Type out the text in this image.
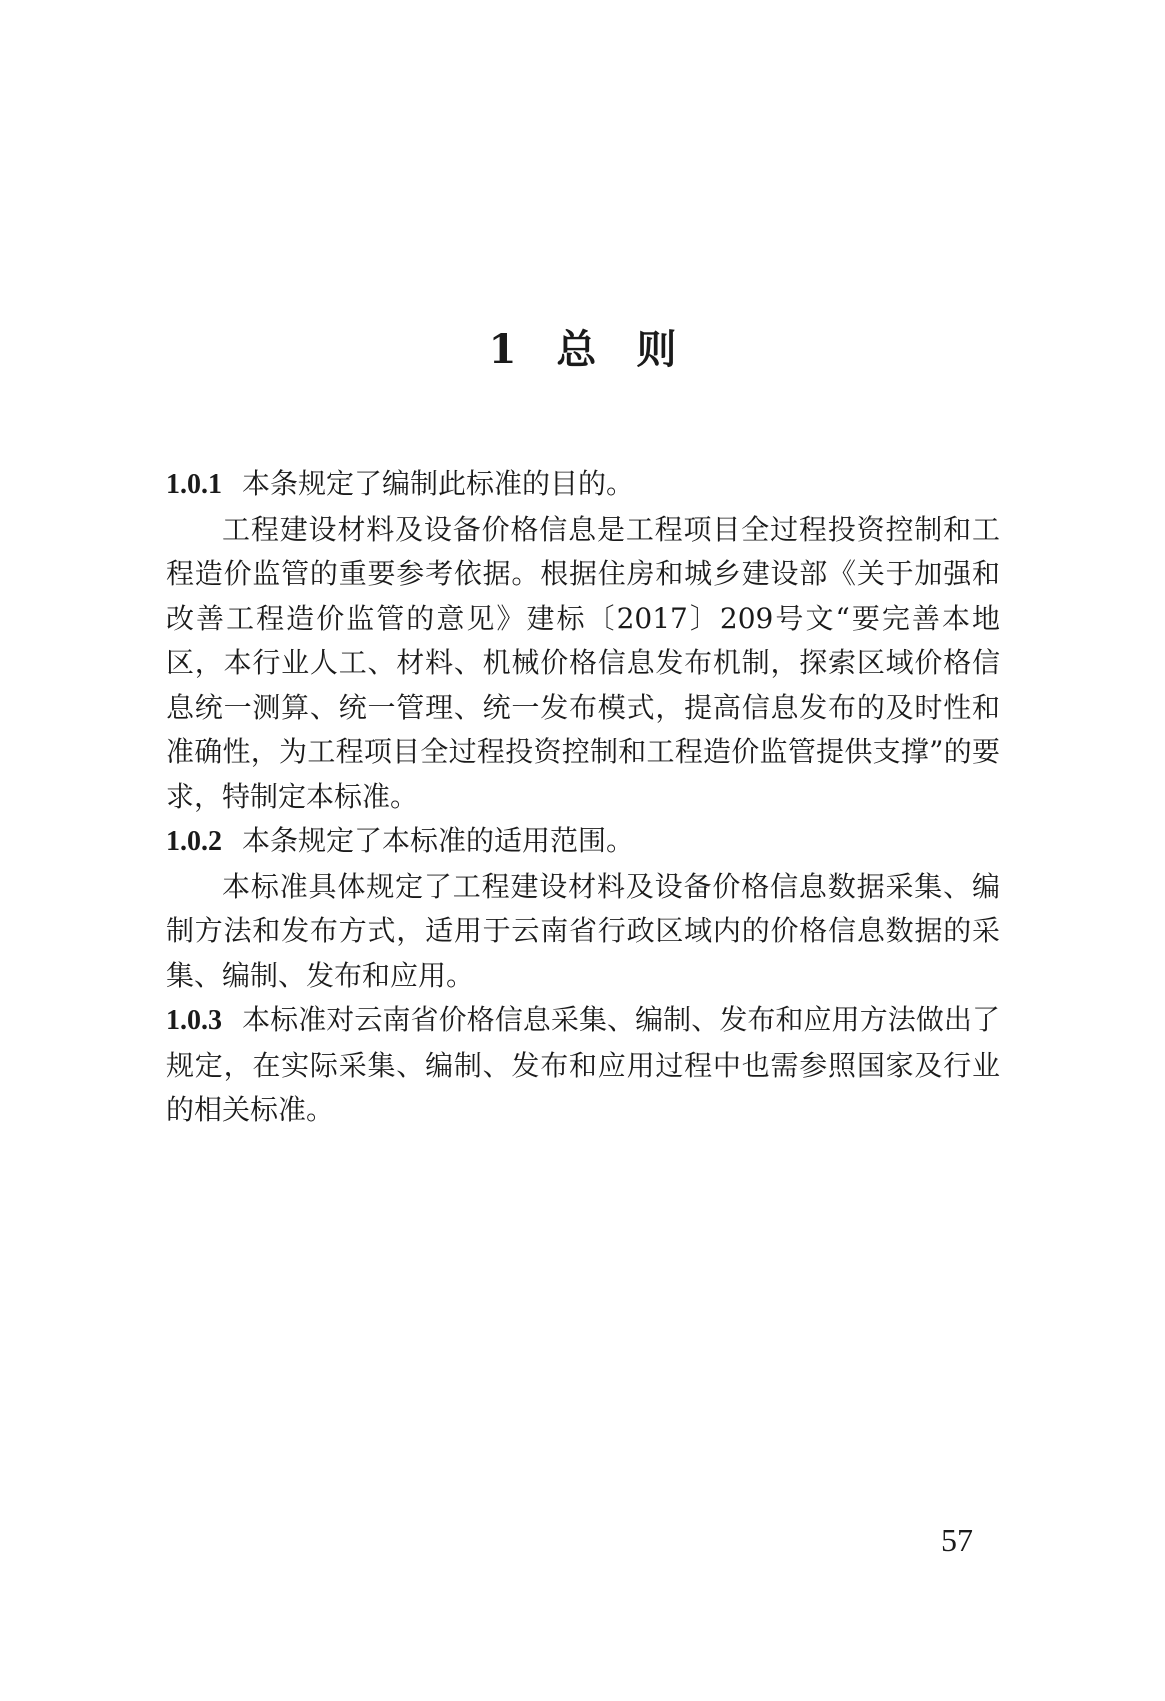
1　总　则

1.0.1 本条规定了编制此标准的目的。

工程建设材料及设备价格信息是工程项目全过程投资控制和工程造价监管的重要参考依据。根据住房和城乡建设部《关于加强和改善工程造价监管的意见》建标〔2017〕209号文“要完善本地区，本行业人工、材料、机械价格信息发布机制，探索区域价格信息统一测算、统一管理、统一发布模式，提高信息发布的及时性和准确性，为工程项目全过程投资控制和工程造价监管提供支撑”的要求，特制定本标准。

1.0.2 本条规定了本标准的适用范围。

本标准具体规定了工程建设材料及设备价格信息数据采集、编制方法和发布方式，适用于云南省行政区域内的价格信息数据的采集、编制、发布和应用。

1.0.3 本标准对云南省价格信息采集、编制、发布和应用方法做出了规定，在实际采集、编制、发布和应用过程中也需参照国家及行业的相关标准。

57
